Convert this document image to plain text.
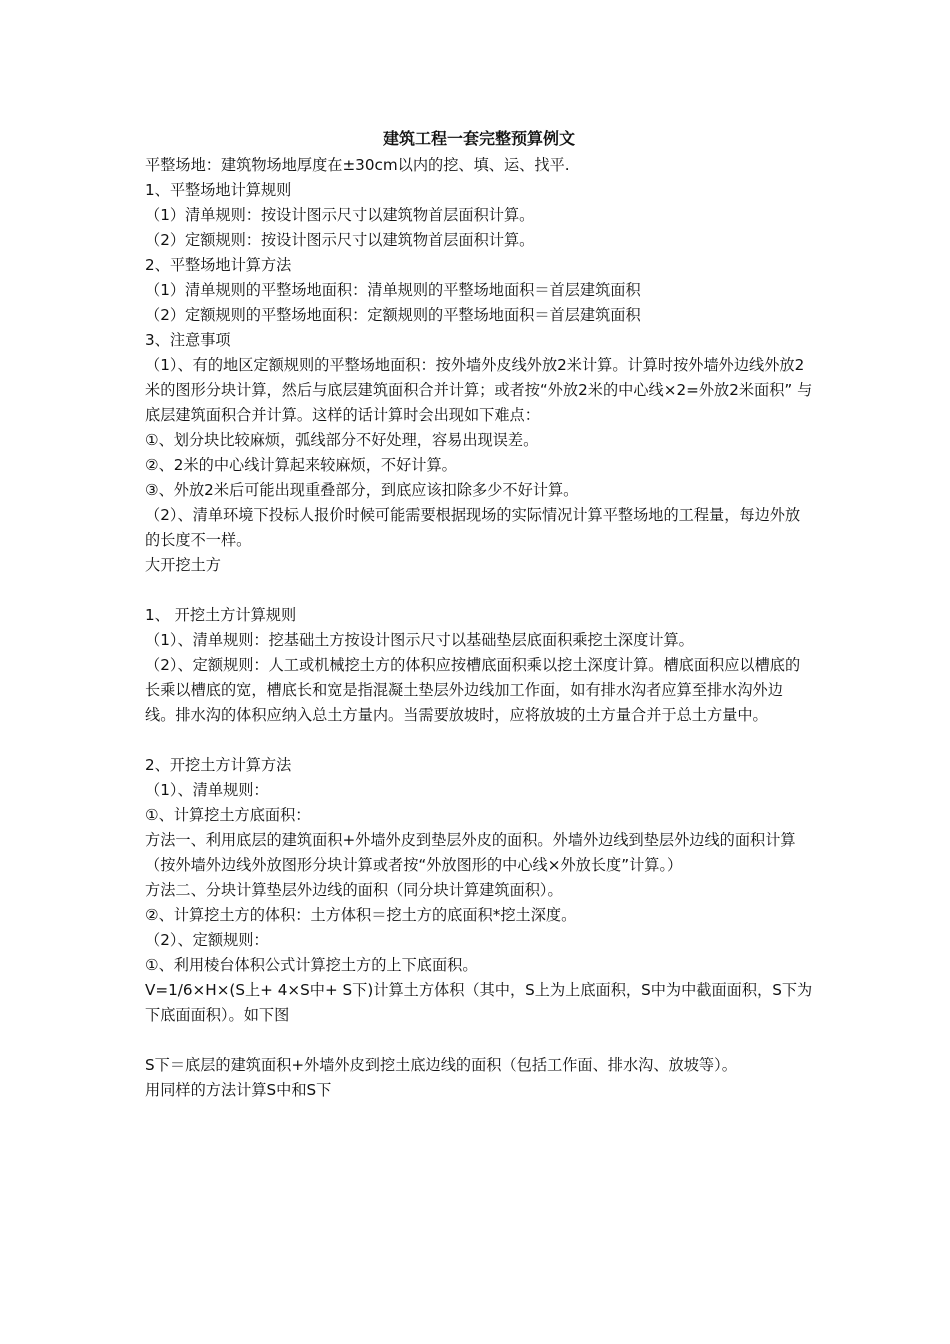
建筑工程一套完整预算例文
平整场地：建筑物场地厚度在±30cm以内的挖、填、运、找平.
1、平整场地计算规则
（1）清单规则：按设计图示尺寸以建筑物首层面积计算。
（2）定额规则：按设计图示尺寸以建筑物首层面积计算。
2、平整场地计算方法
（1）清单规则的平整场地面积：清单规则的平整场地面积＝首层建筑面积
（2）定额规则的平整场地面积：定额规则的平整场地面积＝首层建筑面积
3、注意事项
（1）、有的地区定额规则的平整场地面积：按外墙外皮线外放2米计算。计算时按外墙外边线外放2米的图形分块计算，然后与底层建筑面积合并计算；或者按“外放2米的中心线×2=外放2米面积” 与底层建筑面积合并计算。这样的话计算时会出现如下难点：
①、划分块比较麻烦，弧线部分不好处理，容易出现误差。
②、2米的中心线计算起来较麻烦，不好计算。
③、外放2米后可能出现重叠部分，到底应该扣除多少不好计算。
（2）、清单环境下投标人报价时候可能需要根据现场的实际情况计算平整场地的工程量，每边外放的长度不一样。
大开挖土方
1、 开挖土方计算规则
（1）、清单规则：挖基础土方按设计图示尺寸以基础垫层底面积乘挖土深度计算。
（2）、定额规则：人工或机械挖土方的体积应按槽底面积乘以挖土深度计算。槽底面积应以槽底的长乘以槽底的宽，槽底长和宽是指混凝土垫层外边线加工作面，如有排水沟者应算至排水沟外边线。排水沟的体积应纳入总土方量内。当需要放坡时，应将放坡的土方量合并于总土方量中。
2、开挖土方计算方法
（1）、清单规则：
①、计算挖土方底面积：
方法一、利用底层的建筑面积+外墙外皮到垫层外皮的面积。外墙外边线到垫层外边线的面积计算（按外墙外边线外放图形分块计算或者按“外放图形的中心线×外放长度”计算。）
方法二、分块计算垫层外边线的面积（同分块计算建筑面积）。
②、计算挖土方的体积：土方体积＝挖土方的底面积*挖土深度。
（2）、定额规则：
①、利用棱台体积公式计算挖土方的上下底面积。
V=1/6×H×(S上+ 4×S中+ S下)计算土方体积（其中，S上为上底面积，S中为中截面面积，S下为下底面面积）。如下图
S下＝底层的建筑面积+外墙外皮到挖土底边线的面积（包括工作面、排水沟、放坡等）。
用同样的方法计算S中和S下
